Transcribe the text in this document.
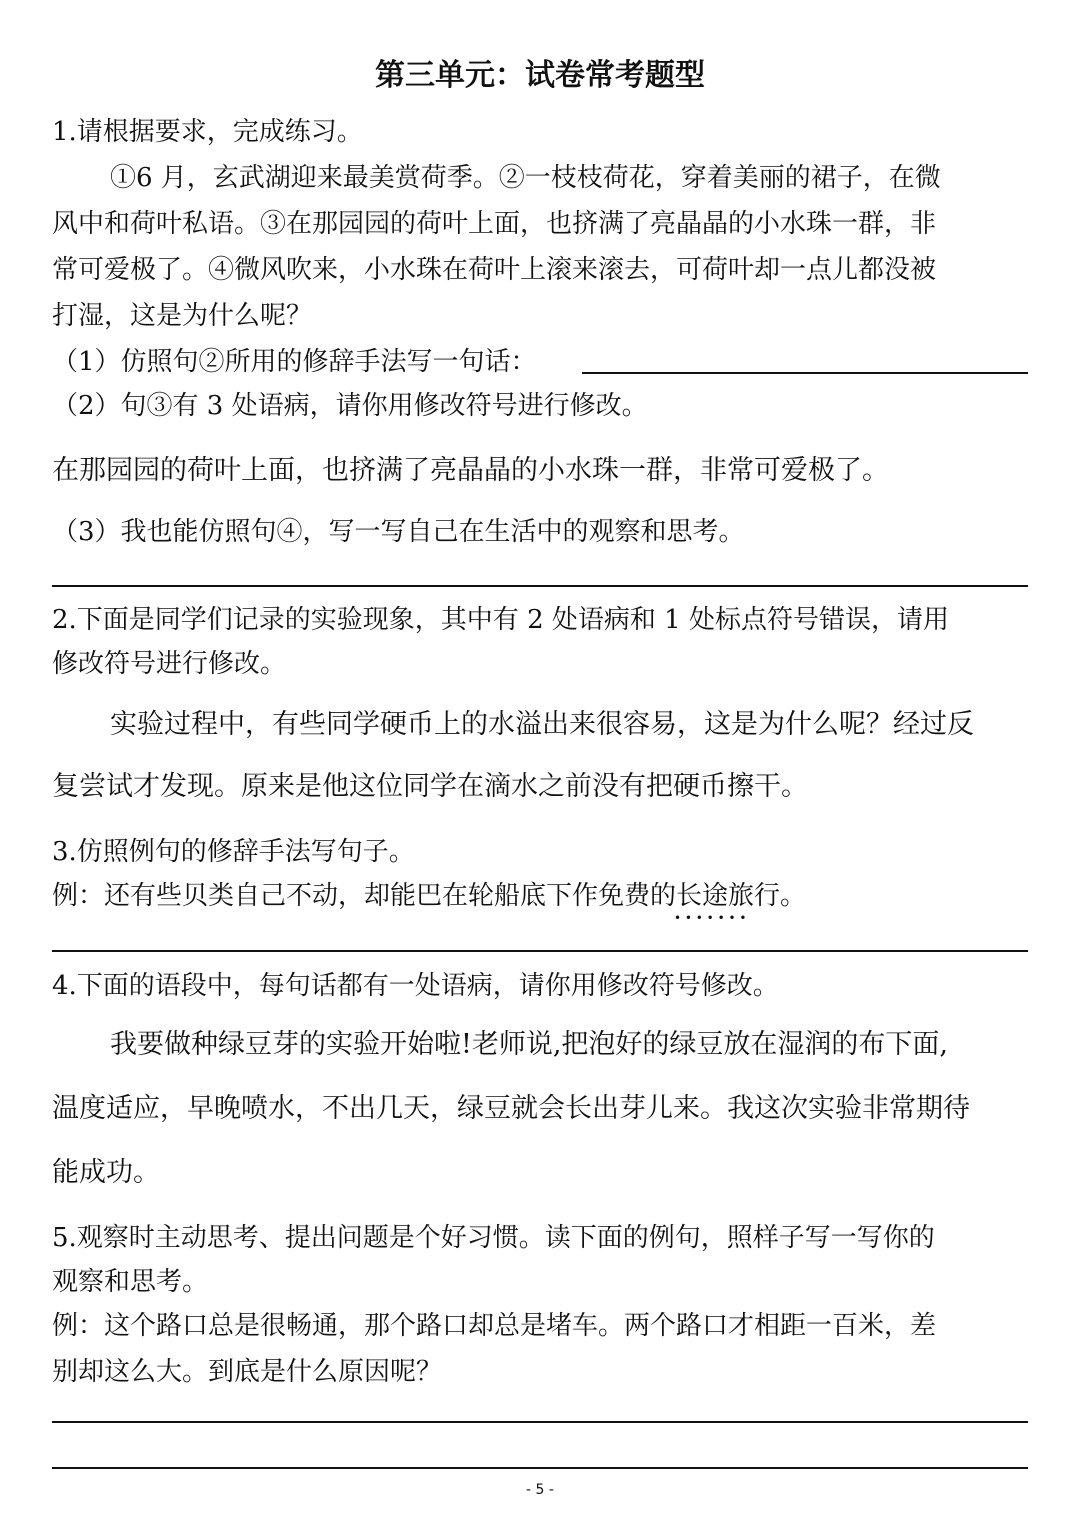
第三单元：试卷常考题型
1.请根据要求，完成练习。
①6 月，玄武湖迎来最美赏荷季。②一枝枝荷花，穿着美丽的裙子，在微
风中和荷叶私语。③在那园园的荷叶上面，也挤满了亮晶晶的小水珠一群，非
常可爱极了。④微风吹来，小水珠在荷叶上滚来滚去，可荷叶却一点儿都没被
打湿，这是为什么呢？
（1）仿照句②所用的修辞手法写一句话：
（2）句③有 3 处语病，请你用修改符号进行修改。
在那园园的荷叶上面，也挤满了亮晶晶的小水珠一群，非常可爱极了。
（3）我也能仿照句④，写一写自己在生活中的观察和思考。
2.下面是同学们记录的实验现象，其中有 2 处语病和 1 处标点符号错误，请用
修改符号进行修改。
实验过程中，有些同学硬币上的水溢出来很容易，这是为什么呢？经过反
复尝试才发现。原来是他这位同学在滴水之前没有把硬币擦干。
3.仿照例句的修辞手法写句子。
例：还有些贝类自己不动，却能巴在轮船底下作免费的长途旅行。
• • • • • • •
4.下面的语段中，每句话都有一处语病，请你用修改符号修改。
我要做种绿豆芽的实验开始啦!老师说,把泡好的绿豆放在湿润的布下面,
温度适应，早晚喷水，不出几天，绿豆就会长出芽儿来。我这次实验非常期待
能成功。
5.观察时主动思考、提出问题是个好习惯。读下面的例句，照样子写一写你的
观察和思考。
例：这个路口总是很畅通，那个路口却总是堵车。两个路口才相距一百米，差
别却这么大。到底是什么原因呢？
- 5 -
